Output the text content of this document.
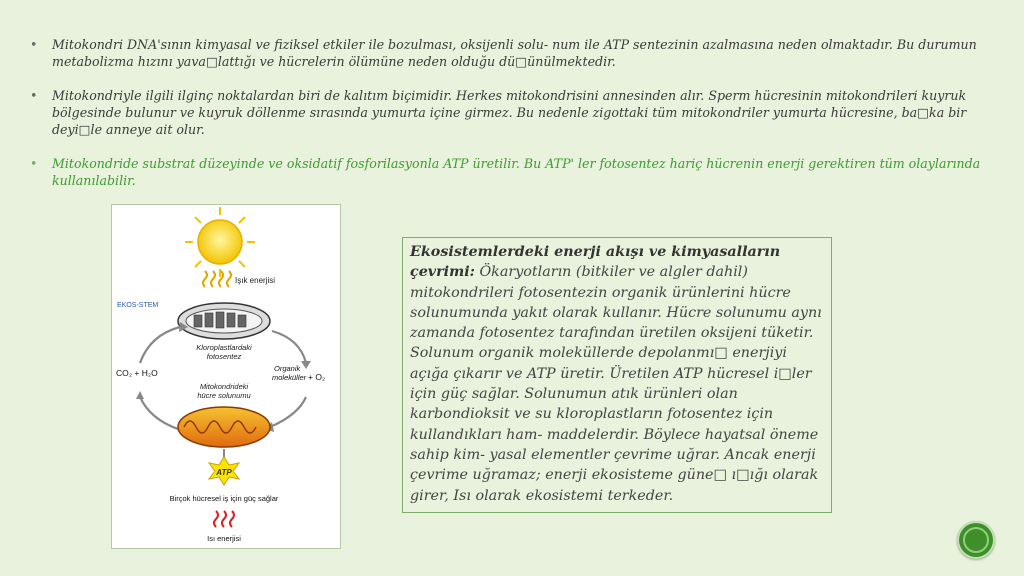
• Mitokondri DNA'sının kimyasal ve fiziksel etkiler ile bozulması, oksijenli solu- num ile ATP sentezinin azalmasına neden olmaktadır. Bu durumun metabolizma hızını yava□lattığı ve hücrelerin ölümüne neden olduğu dü□ünülmektedir.
• Mitokondriyle ilgili ilginç noktalardan biri de kalıtım biçimidir. Herkes mitokondrisini annesinden alır. Sperm hücresinin mitokondrileri kuyruk bölgesinde bulunur ve kuyruk döllenme sırasında yumurta içine girmez. Bu nedenle zigottaki tüm mitokondriler yumurta hücresine, ba□ka bir deyi□le anneye ait olur.
• Mitokondride substrat düzeyinde ve oksidatif fosforilasyonla ATP üretilir. Bu ATP' ler fotosentez hariç hücrenin enerji gerektiren tüm olaylarında kullanılabilir.
Işık enerjisi
EKOS-STEM
Kloroplastlardaki
fotosentez
CO₂ + H₂O	Organik
moleküller + O₂
Mitokondrideki
hücre solunumu
ATP
Birçok hücresel iş için güç sağlar
Isı enerjisi
Ekosistemlerdeki enerji akışı ve kimyasalların çevrimi: Ökaryotların (bitkiler ve algler dahil) mitokondrileri fotosentezin organik ürünlerini hücre solunumunda yakıt olarak kullanır. Hücre solunumu aynı zamanda fotosentez tarafından üretilen oksijeni tüketir. Solunum organik moleküllerde depolanmı□ enerjiyi açığa çıkarır ve ATP üretir. Üretilen ATP hücresel i□ler için güç sağlar. Solunumun atık ürünleri olan karbondioksit ve su kloroplastların fotosentez için kullandıkları ham- maddelerdir. Böylece hayatsal öneme sahip kim- yasal elementler çevrime uğrar. Ancak enerji çevrime uğramaz; enerji ekosisteme güne□ ı□ığı olarak girer, Isı olarak ekosistemi terkeder.
